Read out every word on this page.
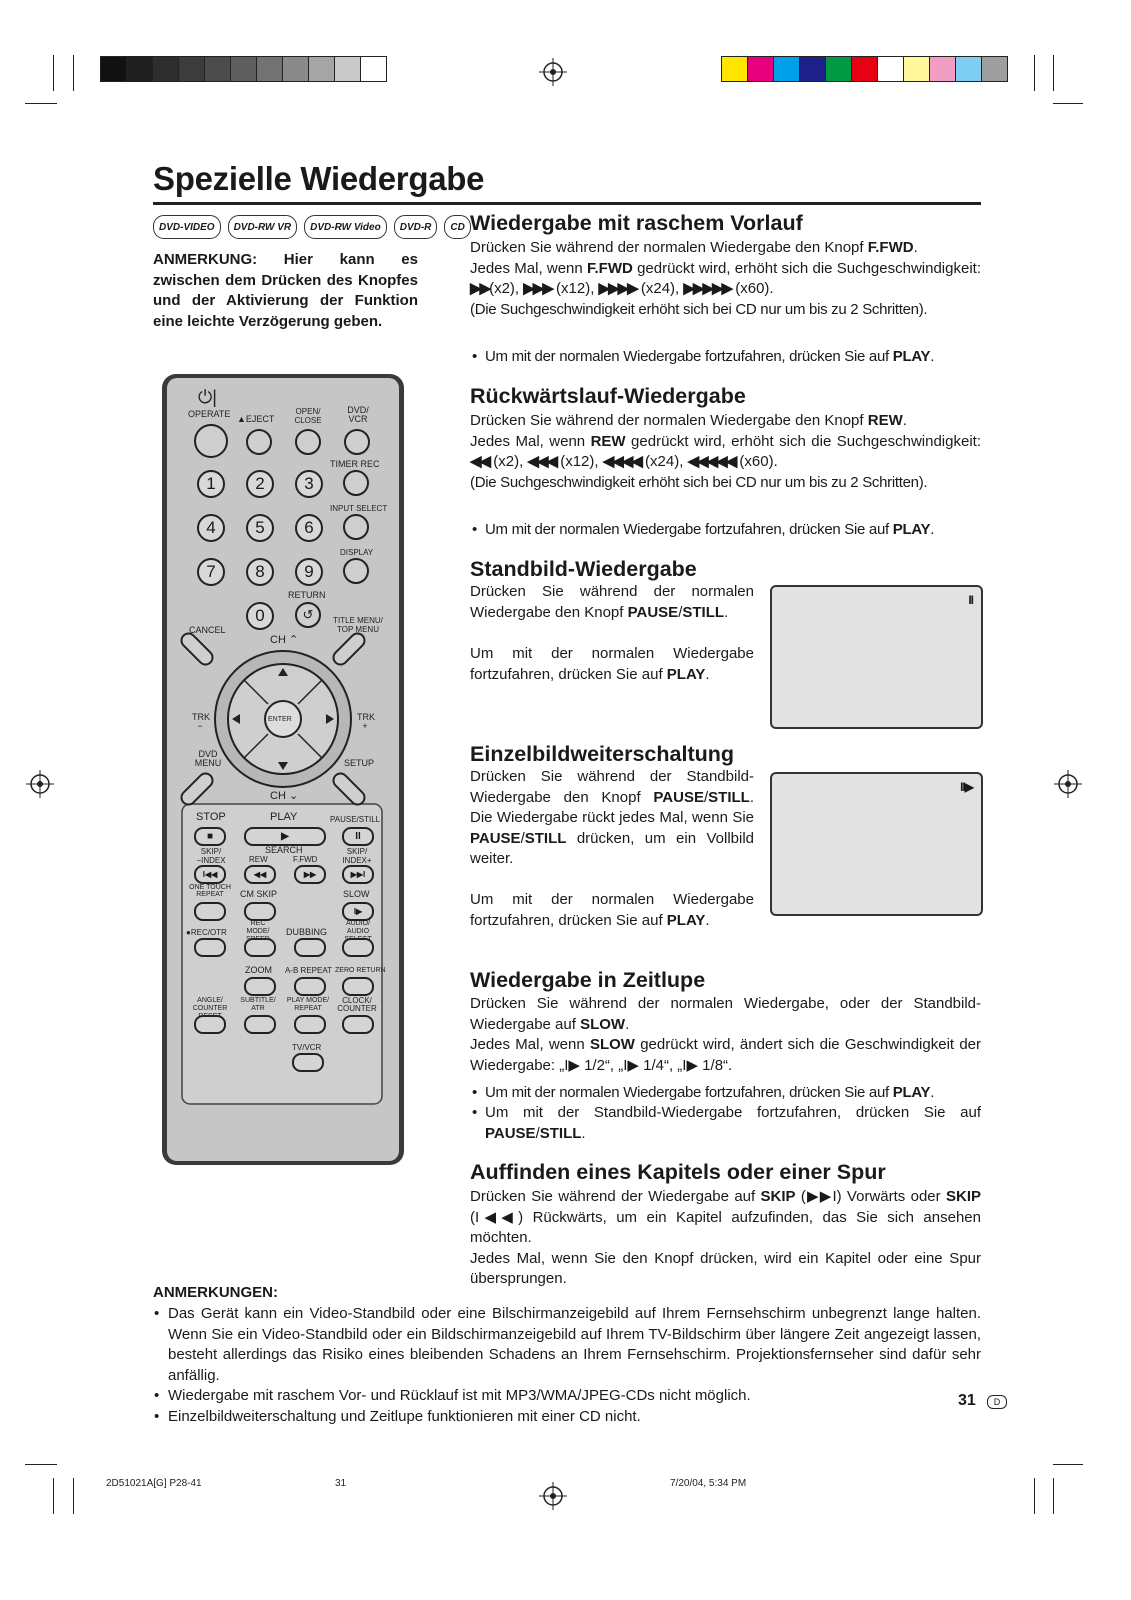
Spezielle Wiedergabe
DVD-VIDEO	DVD-RW VR	DVD-RW Video	DVD-R	CD
ANMERKUNG: Hier kann es zwischen dem Drücken des Knopfes und der Aktivierung der Funktion eine leichte Verzögerung geben.
⏻|
OPERATE ▲EJECT
OPEN/ CLOSE
DVD/ VCR
TIMER REC
1	2	3
INPUT SELECT
4	5	6
DISPLAY
7	8	9
RETURN
0	↺
CANCEL
TITLE MENU/ TOP MENU
CH ⌃
TRK −
TRK +
ENTER
DVD MENU	SETUP
CH ⌄
STOP	PLAY	PAUSE/STILL
■	▶	II
SKIP/ −INDEX
SEARCH
REW	F.FWD
SKIP/ INDEX+
I◀◀	◀◀	▶▶	▶▶I
ONE TOUCH REPEAT	CM SKIP	SLOW
I▶
●REC/OTR
REC MODE/	DUBBING
AUDIO/ AUDIO
ZOOM A-B REPEAT ZERO RETURN
ANGLE/ COUNTER
SUBTITLE/ ATR
PLAY MODE/ REPEAT
CLOCK/ COUNTER
TV/VCR
Wiedergabe mit raschem Vorlauf
Drücken Sie während der normalen Wiedergabe den Knopf F.FWD.
Jedes Mal, wenn F.FWD gedrückt wird, erhöht sich die Suchgeschwindigkeit: ▶▶(x2), ▶▶▶ (x12), ▶▶▶▶ (x24), ▶▶▶▶▶ (x60).
(Die Suchgeschwindigkeit erhöht sich bei CD nur um bis zu 2 Schritten).
• Um mit der normalen Wiedergabe fortzufahren, drücken Sie auf PLAY.
Rückwärtslauf-Wiedergabe
Drücken Sie während der normalen Wiedergabe den Knopf REW.
Jedes Mal, wenn REW gedrückt wird, erhöht sich die Suchgeschwindigkeit: ◀◀ (x2), ◀◀◀ (x12), ◀◀◀◀ (x24), ◀◀◀◀◀ (x60).
(Die Suchgeschwindigkeit erhöht sich bei CD nur um bis zu 2 Schritten).
• Um mit der normalen Wiedergabe fortzufahren, drücken Sie auf PLAY.
Standbild-Wiedergabe
Drücken Sie während der normalen Wiedergabe den Knopf PAUSE/STILL.
Um mit der normalen Wiedergabe fortzufahren, drücken Sie auf PLAY.
II
Einzelbildweiterschaltung
Drücken Sie während der Standbild-Wiedergabe den Knopf PAUSE/STILL. Die Wiedergabe rückt jedes Mal, wenn Sie PAUSE/STILL drücken, um ein Vollbild weiter.
Um mit der normalen Wiedergabe fortzufahren, drücken Sie auf PLAY.
II▶
Wiedergabe in Zeitlupe
Drücken Sie während der normalen Wiedergabe, oder der Standbild-Wiedergabe auf SLOW.
Jedes Mal, wenn SLOW gedrückt wird, ändert sich die Geschwindigkeit der Wiedergabe: „I▶ 1/2“, „I▶ 1/4“, „I▶ 1/8“.
• Um mit der normalen Wiedergabe fortzufahren, drücken Sie auf PLAY.
• Um mit der Standbild-Wiedergabe fortzufahren, drücken Sie auf PAUSE/STILL.
Auffinden eines Kapitels oder einer Spur
Drücken Sie während der Wiedergabe auf SKIP (▶▶I) Vorwärts oder SKIP (I◀◀) Rückwärts, um ein Kapitel aufzufinden, das Sie sich ansehen möchten.
Jedes Mal, wenn Sie den Knopf drücken, wird ein Kapitel oder eine Spur übersprungen.
ANMERKUNGEN:
• Das Gerät kann ein Video-Standbild oder eine Bilschirmanzeigebild auf Ihrem Fernsehschirm unbegrenzt lange halten. Wenn Sie ein Video-Standbild oder ein Bildschirmanzeigebild auf Ihrem TV-Bildschirm über längere Zeit angezeigt lassen, besteht allerdings das Risiko eines bleibenden Schadens an Ihrem Fernsehschirm. Projektionsfernseher sind dafür sehr anfällig.
• Wiedergabe mit raschem Vor- und Rücklauf ist mit MP3/WMA/JPEG-CDs nicht möglich.
• Einzelbildweiterschaltung und Zeitlupe funktionieren mit einer CD nicht.
31	D
2D51021A[G] P28-41	31	7/20/04, 5:34 PM
